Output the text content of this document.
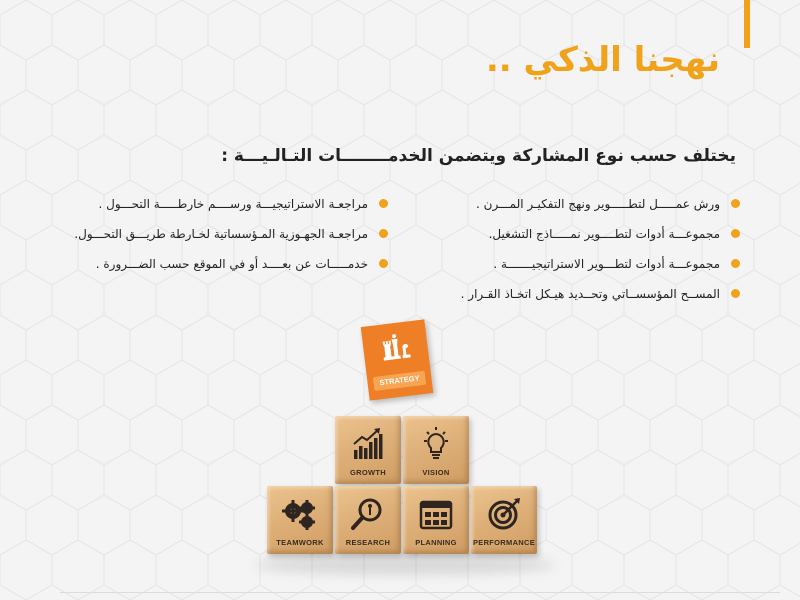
نهجنا الذكي ..

يختلف حسب نوع المشاركة ويتضمن الخدمــــــــات التـالـيـــة :

ورش عمـــــل لتطـــــوير ونهج التفكيـر المـــرن .
مجموعـــة أدوات لتطــــوير نمـــــاذج التشغيل.
مجموعـــة أدوات لتطـــوير الاستراتيجيـــــــة .
المســح المؤسســاتي وتحــديد هيـكل اتخـاذ القـرار .
مراجعـة الاستراتيجيـــة ورســــم خارطـــــة التحـــول .
مراجعـة الجهـوزية المـؤسساتية لخـارطة طريـــق التحـــول.
خدمـــــات عن بعــــد أو في الموقع حسب الضـــرورة .
STRATEGY
GROWTH	VISION
TEAMWORK	RESEARCH	PLANNING	PERFORMANCE
